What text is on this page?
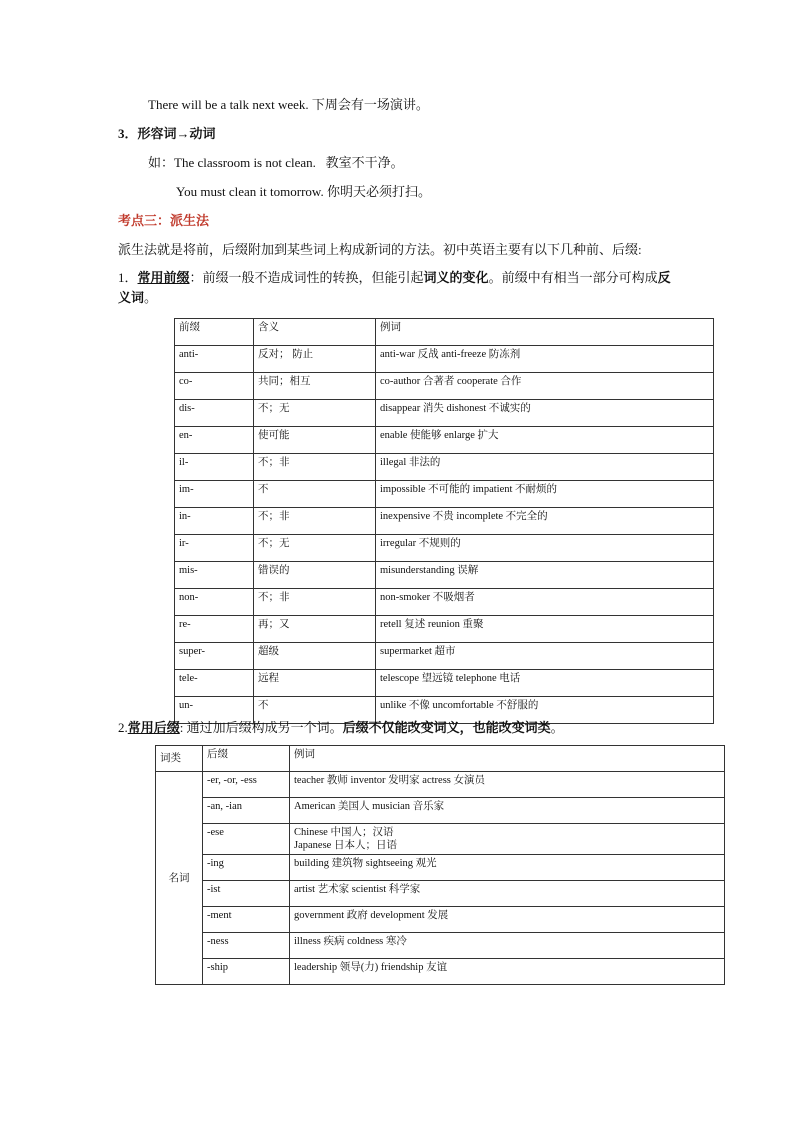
There will be a talk next week. 下周会有一场演讲。
3．形容词→动词
如：The classroom is not clean. 教室不干净。
You must clean it tomorrow. 你明天必须打扫。
考点三：派生法
派生法就是将前，后缀附加到某些词上构成新词的方法。初中英语主要有以下几种前、后缀:
1．常用前缀：前缀一般不造成词性的转换，但能引起词义的变化。前缀中有相当一部分可构成反义词。
前缀	含义	例词
anti-	反对； 防止	anti-war 反战 anti-freeze 防冻剂
co-	共同；相互	co-author 合著者 cooperate 合作
dis-	不；无	disappear 消失 dishonest 不诚实的
en-	使可能	enable 使能够 enlarge 扩大
il-	不；非	illegal 非法的
im-	不	impossible 不可能的 impatient 不耐烦的
in-	不；非	inexpensive 不贵 incomplete 不完全的
ir-	不；无	irregular 不规则的
mis-	错误的	misunderstanding 误解
non-	不；非	non-smoker 不吸烟者
re-	再；又	retell 复述 reunion 重聚
super-	超级	supermarket 超市
tele-	远程	telescope 望远镜 telephone 电话
un-	不	unlike 不像 uncomfortable 不舒服的
2.常用后缀: 通过加后缀构成另一个词。后缀不仅能改变词义，也能改变词类。
词类	后缀	例词
名词	-er, -or, -ess	teacher 教师 inventor 发明家 actress 女演员

	-an, -ian	American 美国人 musician 音乐家

	-ese	Chinese 中国人；汉语
Japanese 日本人；日语

	-ing	building 建筑物 sightseeing 观光

	-ist	artist 艺术家 scientist 科学家

	-ment	government 政府 development 发展

	-ness	illness 疾病 coldness 寒冷

	-ship	leadership 领导(力) friendship 友谊
